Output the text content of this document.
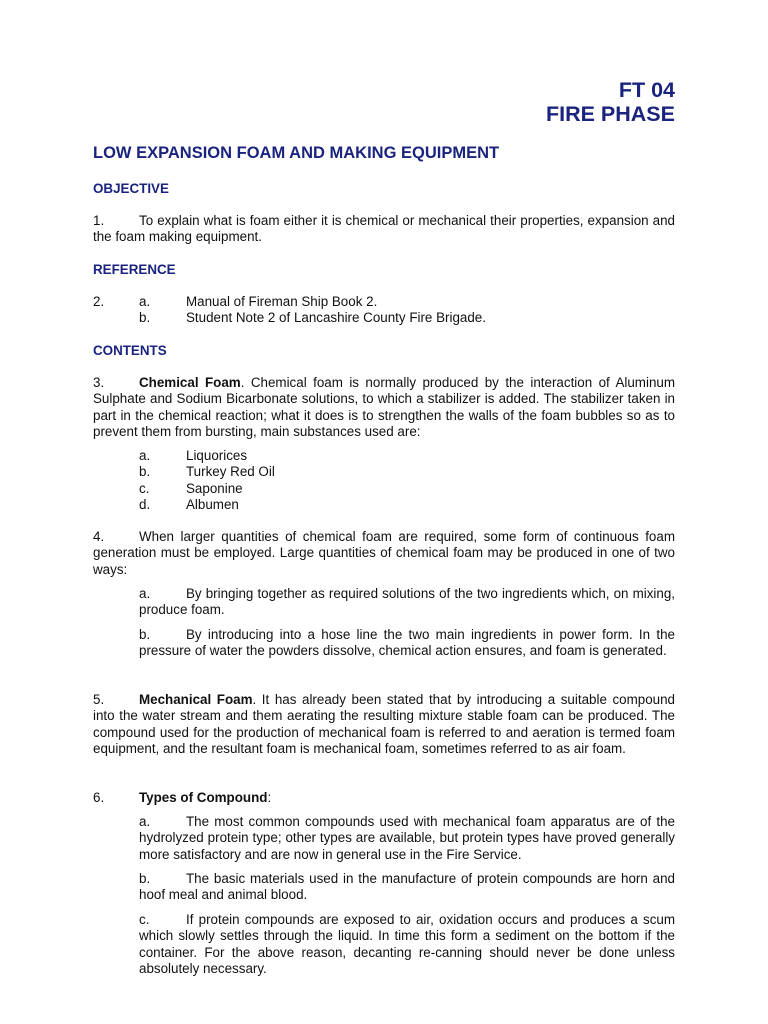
FT 04
FIRE PHASE
LOW EXPANSION FOAM AND MAKING EQUIPMENT
OBJECTIVE
1.	To explain what is foam either it is chemical or mechanical their properties, expansion and the foam making equipment.
REFERENCE
2.	a.	Manual of Fireman Ship Book 2.
b.	Student Note 2 of Lancashire County Fire Brigade.
CONTENTS
3.	Chemical Foam. Chemical foam is normally produced by the interaction of Aluminum Sulphate and Sodium Bicarbonate solutions, to which a stabilizer is added. The stabilizer taken in part in the chemical reaction; what it does is to strengthen the walls of the foam bubbles so as to prevent them from bursting, main substances used are:
a.	Liquorices
b.	Turkey Red Oil
c.	Saponine
d.	Albumen
4.	When larger quantities of chemical foam are required, some form of continuous foam generation must be employed. Large quantities of chemical foam may be produced in one of two ways:
a.	By bringing together as required solutions of the two ingredients which, on mixing, produce foam.
b.	By introducing into a hose line the two main ingredients in power form. In the pressure of water the powders dissolve, chemical action ensures, and foam is generated.
5.	Mechanical Foam. It has already been stated that by introducing a suitable compound into the water stream and them aerating the resulting mixture stable foam can be produced. The compound used for the production of mechanical foam is referred to and aeration is termed foam equipment, and the resultant foam is mechanical foam, sometimes referred to as air foam.
6.	Types of Compound:
a.	The most common compounds used with mechanical foam apparatus are of the hydrolyzed protein type; other types are available, but protein types have proved generally more satisfactory and are now in general use in the Fire Service.
b.	The basic materials used in the manufacture of protein compounds are horn and hoof meal and animal blood.
c.	If protein compounds are exposed to air, oxidation occurs and produces a scum which slowly settles through the liquid. In time this form a sediment on the bottom if the container. For the above reason, decanting re-canning should never be done unless absolutely necessary.
